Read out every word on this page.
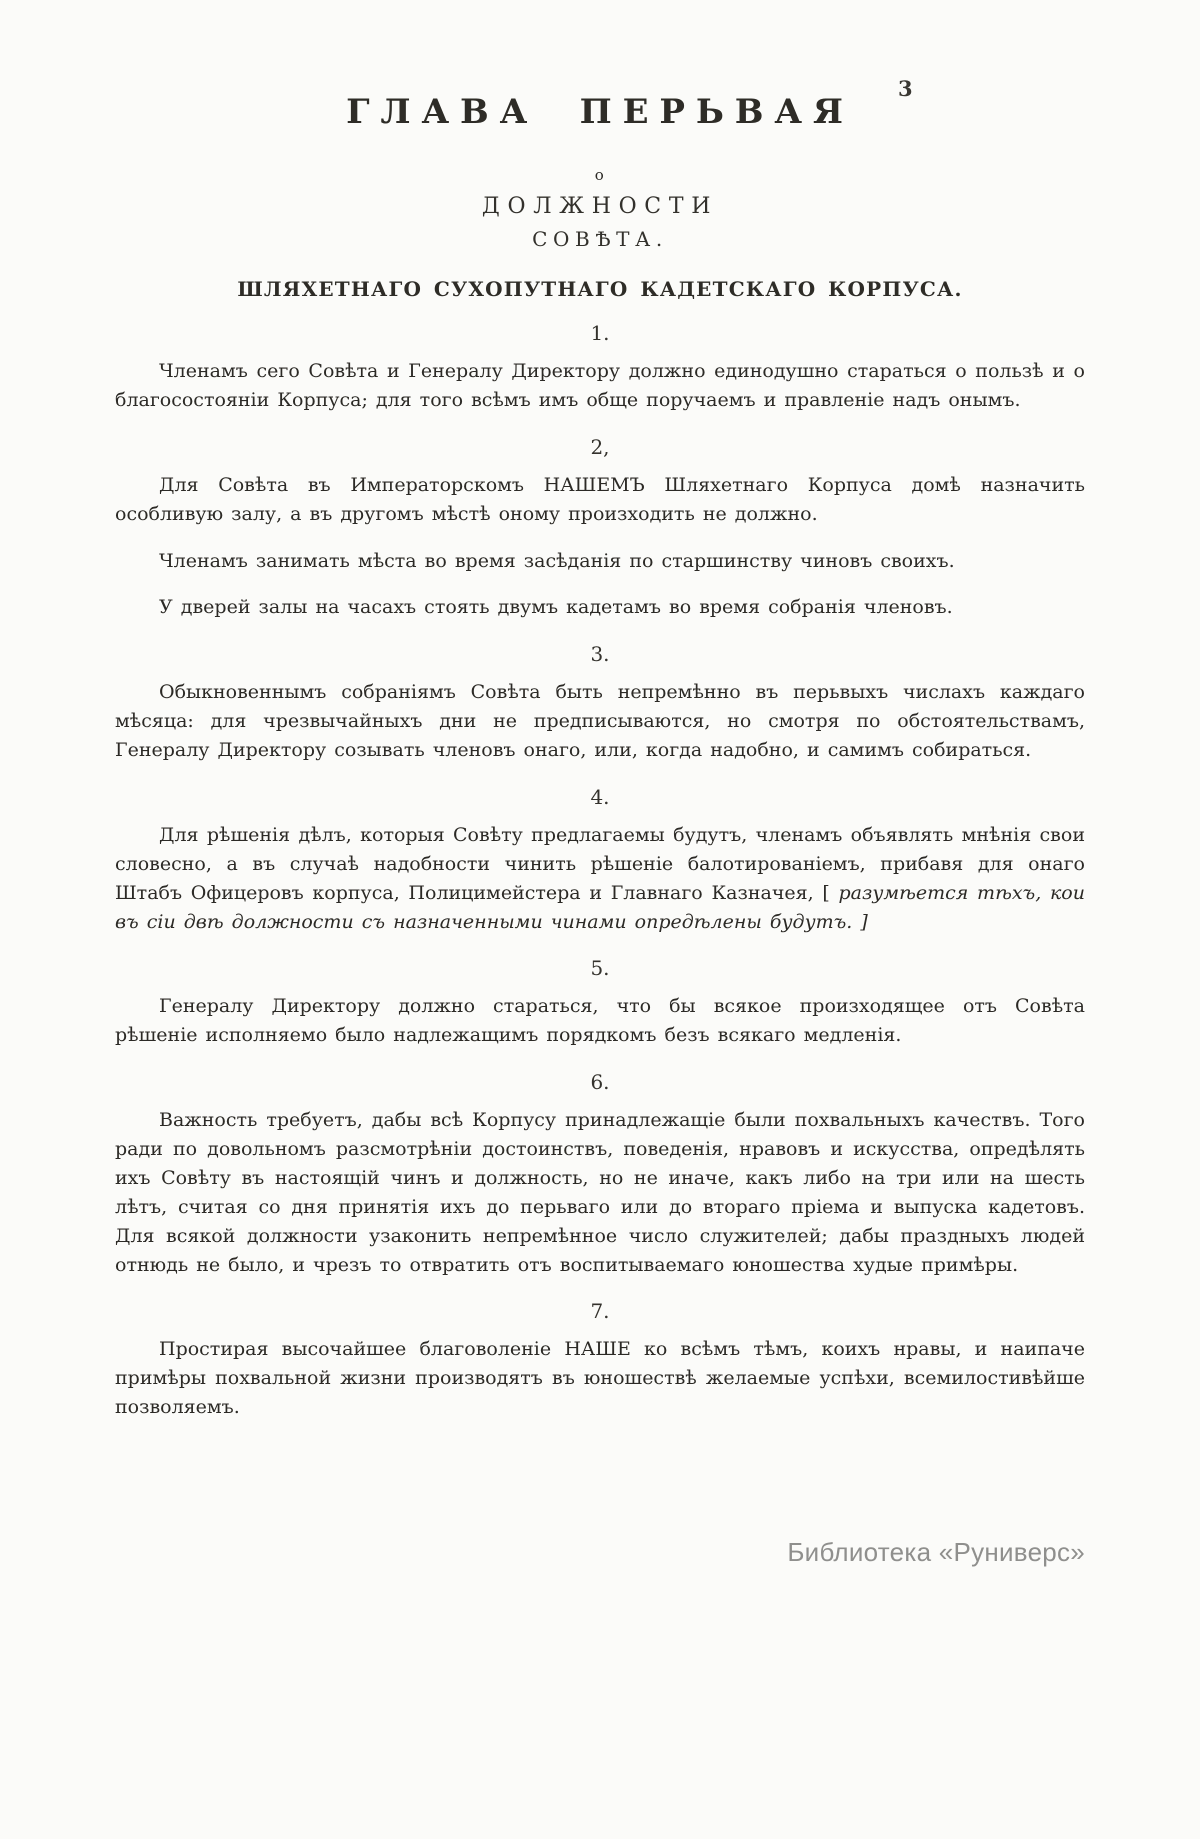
3
ГЛАВА ПЕРЬВАЯ
о
ДОЛЖНОСТИ
СОВѢТА.
ШЛЯХЕТНАГО СУХОПУТНАГО КАДЕТСКАГО КОРПУСА.
1.

Членамъ сего Совѣта и Генералу Директору должно единодушно стараться о пользѣ и о благосостояніи Корпуса; для того всѣмъ имъ обще поручаемъ и правленіе надъ онымъ.

2,

Для Совѣта въ Императорскомъ НАШЕМЪ Шляхетнаго Корпуса домѣ назначить особливую залу, а въ другомъ мѣстѣ оному произходить не должно.

Членамъ занимать мѣста во время засѣданія по старшинству чиновъ своихъ.

У дверей залы на часахъ стоять двумъ кадетамъ во время собранія членовъ.

3.

Обыкновеннымъ собраніямъ Совѣта быть непремѣнно въ перьвыхъ числахъ каждаго мѣсяца: для чрезвычайныхъ дни не предписываются, но смотря по обстоятельствамъ, Генералу Директору созывать членовъ онаго, или, когда надобно, и самимъ собираться.

4.

Для рѣшенія дѣлъ, которыя Совѣту предлагаемы будутъ, членамъ объявлять мнѣнія свои словесно, а въ случаѣ надобности чинить рѣшеніе балотированіемъ, прибавя для онаго Штабъ Офицеровъ корпуса, Полицимейстера и Главнаго Казначея, [ разумѣется тѣхъ, кои въ сіи двѣ должности съ назначенными чинами опредѣлены будутъ. ]

5.

Генералу Директору должно стараться, что бы всякое произходящее отъ Совѣта рѣшеніе исполняемо было надлежащимъ порядкомъ безъ всякаго медленія.

6.

Важность требуетъ, дабы всѣ Корпусу принадлежащіе были похвальныхъ качествъ. Того ради по довольномъ разсмотрѣніи достоинствъ, поведенія, нравовъ и искусства, опредѣлять ихъ Совѣту въ настоящій чинъ и должность, но не иначе, какъ либо на три или на шесть лѣтъ, считая со дня принятія ихъ до перьваго или до втораго пріема и выпуска кадетовъ. Для всякой должности узаконить непремѣнное число служителей; дабы праздныхъ людей отнюдь не было, и чрезъ то отвратить отъ воспитываемаго юношества худые примѣры.

7.

Простирая высочайшее благоволеніе НАШЕ ко всѣмъ тѣмъ, коихъ нравы, и наипаче примѣры похвальной жизни производятъ въ юношествѣ желаемые успѣхи, всемилостивѣйше позволяемъ.

Библиотека «Руниверс»
